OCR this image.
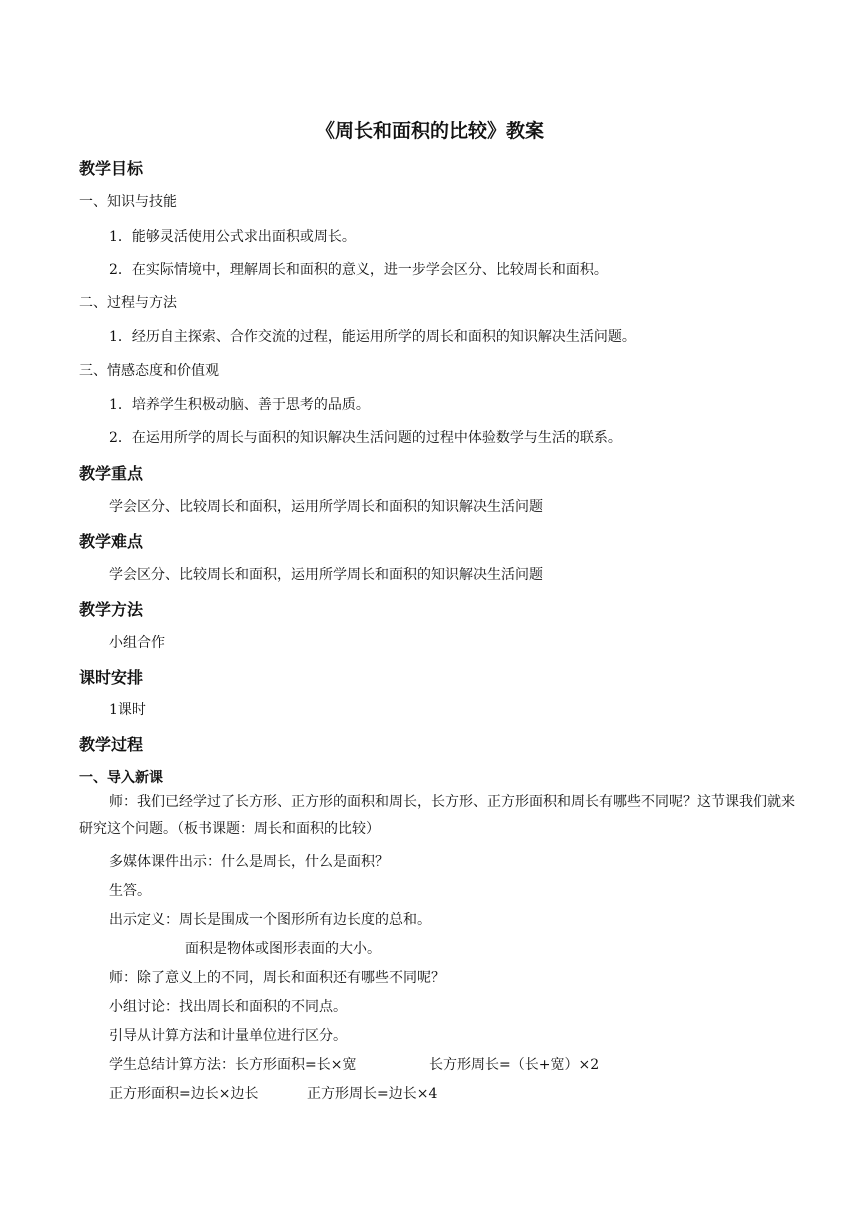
《周长和面积的比较》教案
教学目标
一、知识与技能
1．能够灵活使用公式求出面积或周长。
2．在实际情境中，理解周长和面积的意义，进一步学会区分、比较周长和面积。
二、过程与方法
1．经历自主探索、合作交流的过程，能运用所学的周长和面积的知识解决生活问题。
三、情感态度和价值观
1．培养学生积极动脑、善于思考的品质。
2．在运用所学的周长与面积的知识解决生活问题的过程中体验数学与生活的联系。
教学重点
学会区分、比较周长和面积，运用所学周长和面积的知识解决生活问题
教学难点
学会区分、比较周长和面积，运用所学周长和面积的知识解决生活问题
教学方法
小组合作
课时安排
1课时
教学过程
一、导入新课
师：我们已经学过了长方形、正方形的面积和周长，长方形、正方形面积和周长有哪些不同呢？这节课我们就来研究这个问题。（板书课题：周长和面积的比较）
多媒体课件出示：什么是周长，什么是面积？
生答。
出示定义：周长是围成一个图形所有边长度的总和。
面积是物体或图形表面的大小。
师：除了意义上的不同，周长和面积还有哪些不同呢？
小组讨论：找出周长和面积的不同点。
引导从计算方法和计量单位进行区分。
学生总结计算方法：长方形面积=长×宽	长方形周长=（长+宽）×2
正方形面积=边长×边长	正方形周长=边长×4
